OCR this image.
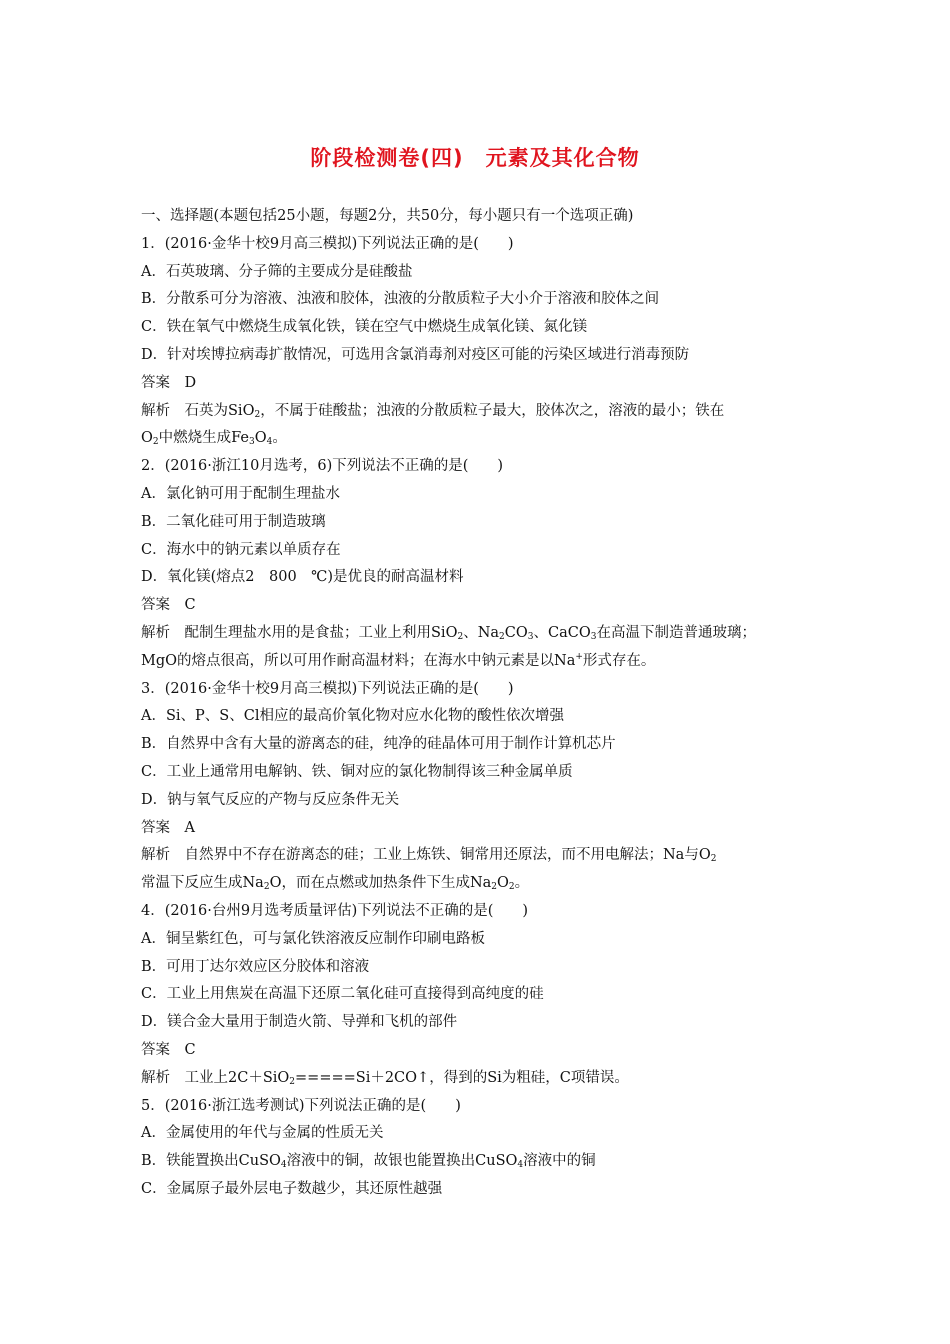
阶段检测卷(四)　元素及其化合物
一、选择题(本题包括25小题，每题2分，共50分，每小题只有一个选项正确)
1．(2016·金华十校9月高三模拟)下列说法正确的是(　　)
A．石英玻璃、分子筛的主要成分是硅酸盐
B．分散系可分为溶液、浊液和胶体，浊液的分散质粒子大小介于溶液和胶体之间
C．铁在氧气中燃烧生成氧化铁，镁在空气中燃烧生成氧化镁、氮化镁
D．针对埃博拉病毒扩散情况，可选用含氯消毒剂对疫区可能的污染区域进行消毒预防
答案　D
解析　石英为SiO$_2$，不属于硅酸盐；浊液的分散质粒子最大，胶体次之，溶液的最小；铁在
$O_2$中燃烧生成$Fe_3O_4$。
2．(2016·浙江10月选考，6)下列说法不正确的是(　　)
A．氯化钠可用于配制生理盐水
B．二氧化硅可用于制造玻璃
C．海水中的钠元素以单质存在
D．氧化镁(熔点2　800　℃)是优良的耐高温材料
答案　C
解析　配制生理盐水用的是食盐；工业上利用SiO$_2$、$Na_2CO_3$、CaCO$_3$在高温下制造普通玻璃；
MgO的熔点很高，所以可用作耐高温材料；在海水中钠元素是以Na+形式存在。
3．(2016·金华十校9月高三模拟)下列说法正确的是(　　)
A．Si、P、S、Cl相应的最高价氧化物对应水化物的酸性依次增强
B．自然界中含有大量的游离态的硅，纯净的硅晶体可用于制作计算机芯片
C．工业上通常用电解钠、铁、铜对应的氯化物制得该三种金属单质
D．钠与氧气反应的产物与反应条件无关
答案　A
解析　自然界中不存在游离态的硅；工业上炼铁、铜常用还原法，而不用电解法；Na与$O_2$
常温下反应生成$Na_2O$，而在点燃或加热条件下生成$Na_2O_2$。
4．(2016·台州9月选考质量评估)下列说法不正确的是(　　)
A．铜呈紫红色，可与氯化铁溶液反应制作印刷电路板
B．可用丁达尔效应区分胶体和溶液
C．工业上用焦炭在高温下还原二氧化硅可直接得到高纯度的硅
D．镁合金大量用于制造火箭、导弹和飞机的部件
答案　C
解析　工业上2C＋SiO$_2$=====Si＋2CO↑，得到的Si为粗硅，C项错误。
5．(2016·浙江选考测试)下列说法正确的是(　　)
A．金属使用的年代与金属的性质无关
B．铁能置换出CuSO$_4$溶液中的铜，故银也能置换出CuSO$_4$溶液中的铜
C．金属原子最外层电子数越少，其还原性越强
